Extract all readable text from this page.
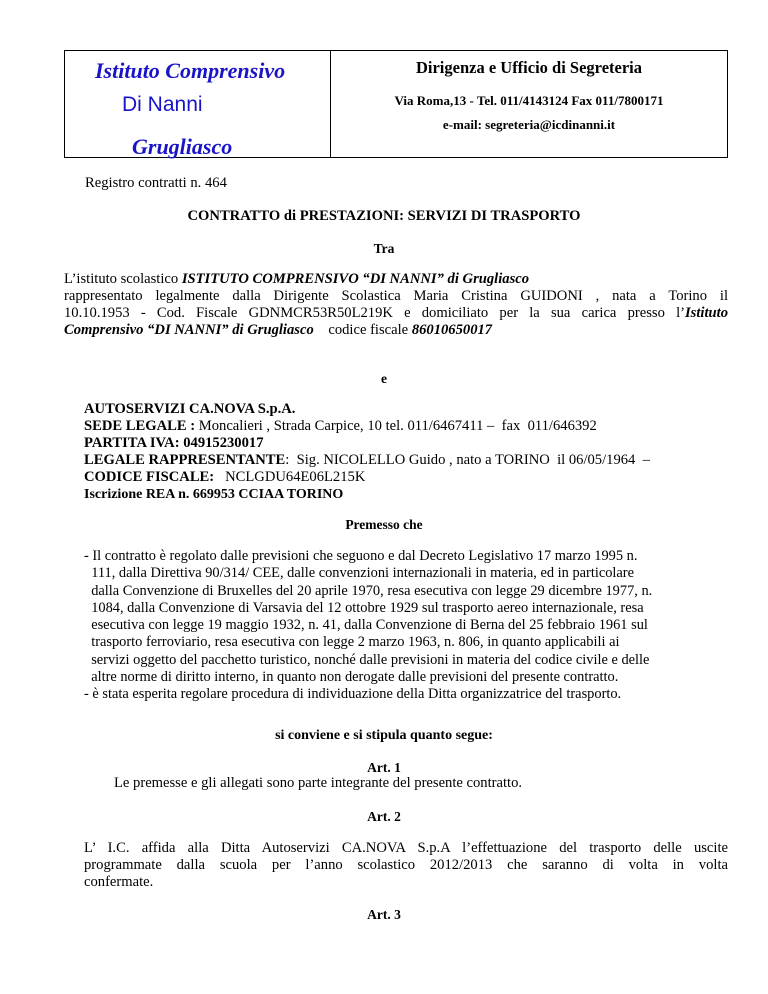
Istituto Comprensivo
Di Nanni
Grugliasco
Dirigenza e Ufficio di Segreteria
Via Roma,13 - Tel. 011/4143124 Fax 011/7800171
e-mail: segreteria@icdinanni.it
Registro contratti n. 464
CONTRATTO di PRESTAZIONI: SERVIZI DI TRASPORTO
Tra
L’istituto scolastico ISTITUTO COMPRENSIVO “DI NANNI” di Grugliasco
rappresentato legalmente dalla Dirigente Scolastica Maria Cristina GUIDONI , nata a Torino il
10.10.1953 - Cod. Fiscale GDNMCR53R50L219K e domiciliato per la sua carica presso l’Istituto
Comprensivo “DI NANNI” di Grugliasco    codice fiscale 86010650017
e
AUTOSERVIZI CA.NOVA S.p.A.
SEDE LEGALE : Moncalieri , Strada Carpice, 10 tel. 011/6467411 –  fax  011/646392
PARTITA IVA: 04915230017
LEGALE RAPPRESENTANTE:  Sig. NICOLELLO Guido , nato a TORINO  il 06/05/1964  –
CODICE FISCALE:   NCLGDU64E06L215K
Iscrizione REA n. 669953 CCIAA TORINO
Premesso che
- Il contratto è regolato dalle previsioni che seguono e dal Decreto Legislativo 17 marzo 1995 n.
111, dalla Direttiva 90/314/ CEE, dalle convenzioni internazionali in materia, ed in particolare
dalla Convenzione di Bruxelles del 20 aprile 1970, resa esecutiva con legge 29 dicembre 1977, n.
1084, dalla Convenzione di Varsavia del 12 ottobre 1929 sul trasporto aereo internazionale, resa
esecutiva con legge 19 maggio 1932, n. 41, dalla Convenzione di Berna del 25 febbraio 1961 sul
trasporto ferroviario, resa esecutiva con legge 2 marzo 1963, n. 806, in quanto applicabili ai
servizi oggetto del pacchetto turistico, nonché dalle previsioni in materia del codice civile e delle
altre norme di diritto interno, in quanto non derogate dalle previsioni del presente contratto.
- è stata esperita regolare procedura di individuazione della Ditta organizzatrice del trasporto.
si conviene e si stipula quanto segue:
Art. 1
Le premesse e gli allegati sono parte integrante del presente contratto.
Art. 2
L’ I.C. affida alla Ditta Autoservizi CA.NOVA S.p.A l’effettuazione del trasporto delle uscite
programmate dalla scuola per l’anno scolastico 2012/2013 che saranno di volta in volta
confermate.
Art. 3
